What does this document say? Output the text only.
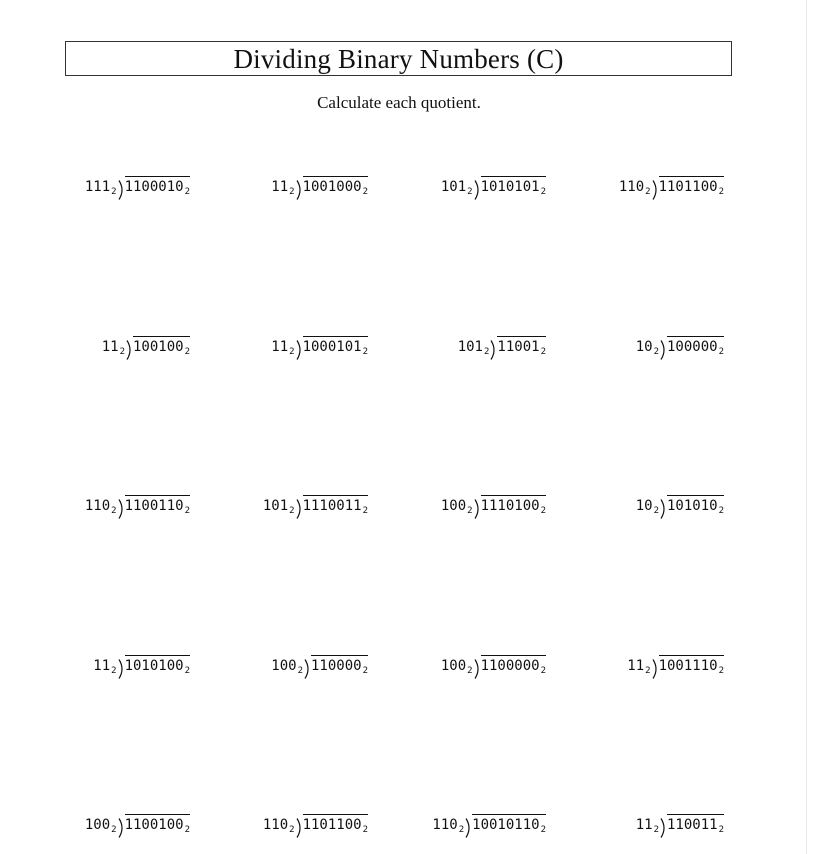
Dividing Binary Numbers (C)
Calculate each quotient.
$111_2$ $1100010_2$	$11_2$ $1001000_2$	$101_2$ $1010101_2$	$110_2$ $1101100_2$
$11_2$ $100100_2$	$11_2$ $1000101_2$	$101_2$ $11001_2$	$10_2$ $100000_2$
$110_2$ $1100110_2$	$101_2$ $1110011_2$	$100_2$ $1110100_2$	$10_2$ $101010_2$
$11_2$ $1010100_2$	$100_2$ $110000_2$	$100_2$ $1100000_2$	$11_2$ $1001110_2$
$100_2$ $1100100_2$	$110_2$ $1101100_2$	$110_2$ $10010110_2$	$11_2$ $110011_2$
